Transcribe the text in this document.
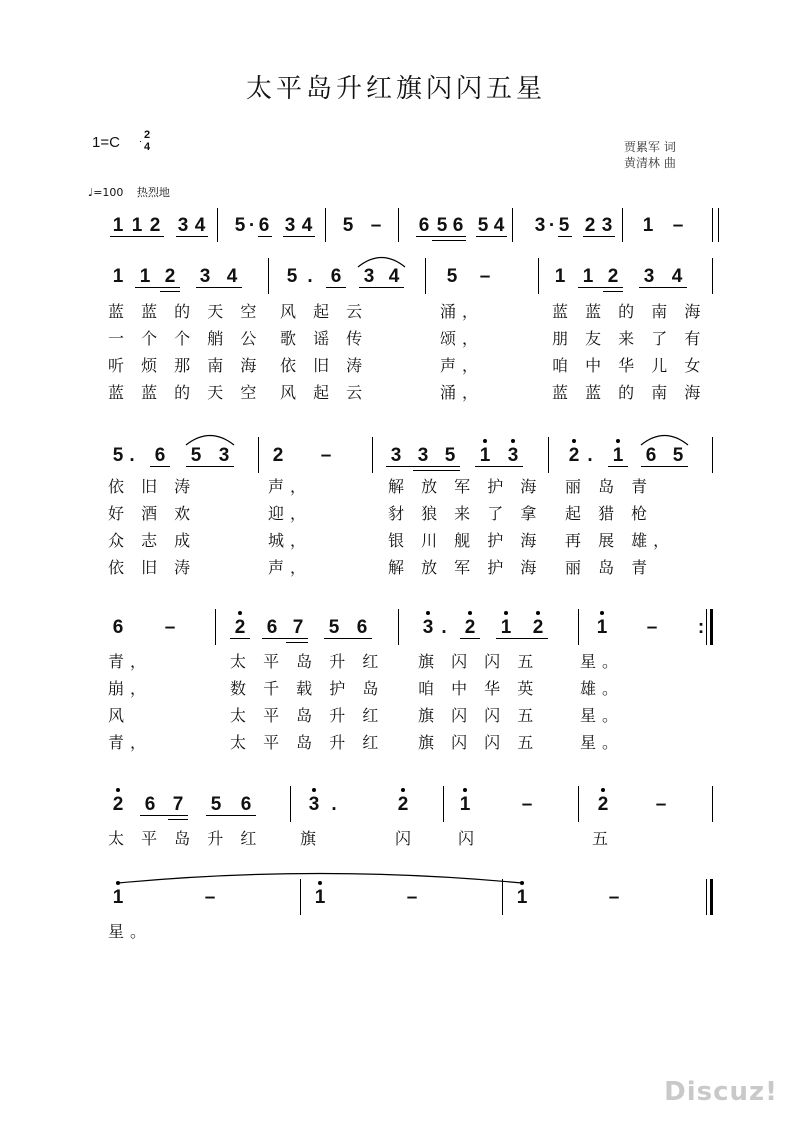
太平岛升红旗闪闪五星
1=C	2
4	贾累军 词
黄清林 曲
♩=100 热烈地
1 1 2 3 4 5 · 6 3 4 5 – 6 5 6 5 4 3 · 5 2 3 1 –
1 1 2 3 4	5 . 6 3 4 5 –	1 1 2 3 4
5 .	6 5 3 2 –	3 3 5 1 3	2 .	1 6 5
6 –	2 6 7 5 6	3 . 2 1 2	1 – :
2 6 7 5 6	3 .	2	1	–	2 –
1	–	1	–	1	–
蓝 蓝 的 天 空 风 起 云	涌，	蓝 蓝 的 南 海
一 个 个 艄 公 歌 谣 传	颂，	朋 友 来 了 有
听 烦 那 南 海 依 旧 涛	声，	咱 中 华 儿 女
蓝 蓝 的 天 空 风 起 云	涌，	蓝 蓝 的 南 海
依 旧 涛	声，	解 放 军 护 海 丽 岛 青
好 酒 欢	迎，	豺 狼 来 了 拿 起 猎 枪
众 志 成	城，	银 川 舰 护 海 再 展 雄，
依 旧 涛	声，	解 放 军 护 海 丽 岛 青
青，	太 平 岛 升 红 旗 闪 闪 五	星。
崩，	数 千 载 护 岛 咱 中 华 英	雄。
风	太 平 岛 升 红 旗 闪 闪 五	星。
青，	太 平 岛 升 红 旗 闪 闪 五	星。
太 平 岛 升 红 旗	闪	闪	五
星。
Discuz!
